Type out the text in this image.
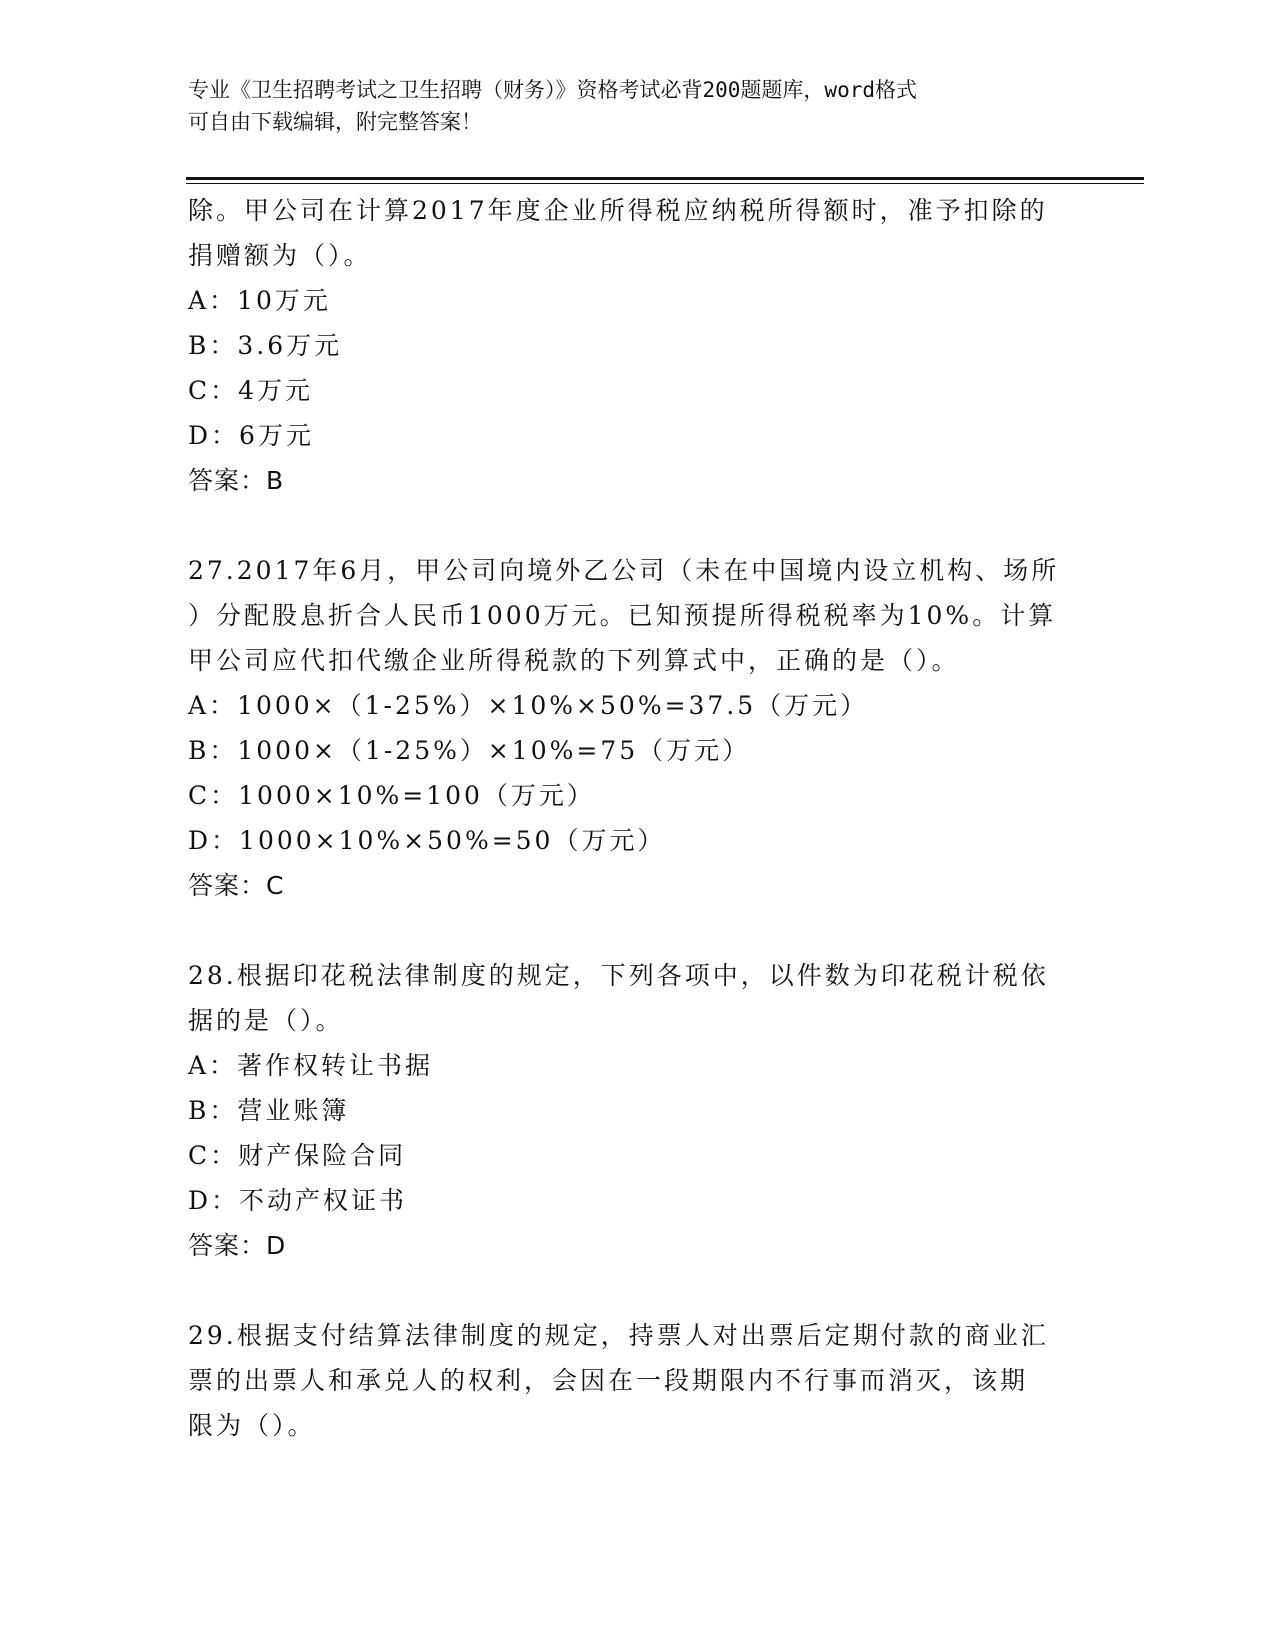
专业《卫生招聘考试之卫生招聘（财务）》资格考试必背200题题库，word格式
可自由下载编辑，附完整答案！
除。甲公司在计算2017年度企业所得税应纳税所得额时，准予扣除的
捐赠额为（）。
A：10万元
B：3.6万元
C：4万元
D：6万元
答案：B
27.2017年6月，甲公司向境外乙公司（未在中国境内设立机构、场所
）分配股息折合人民币1000万元。已知预提所得税税率为10%。计算
甲公司应代扣代缴企业所得税款的下列算式中，正确的是（）。
A：1000×（1-25%）×10%×50%=37.5（万元）
B：1000×（1-25%）×10%=75（万元）
C：1000×10%=100（万元）
D：1000×10%×50%=50（万元）
答案：C
28.根据印花税法律制度的规定，下列各项中，以件数为印花税计税依
据的是（）。
A：著作权转让书据
B：营业账簿
C：财产保险合同
D：不动产权证书
答案：D
29.根据支付结算法律制度的规定，持票人对出票后定期付款的商业汇
票的出票人和承兑人的权利，会因在一段期限内不行事而消灭，该期
限为（）。
